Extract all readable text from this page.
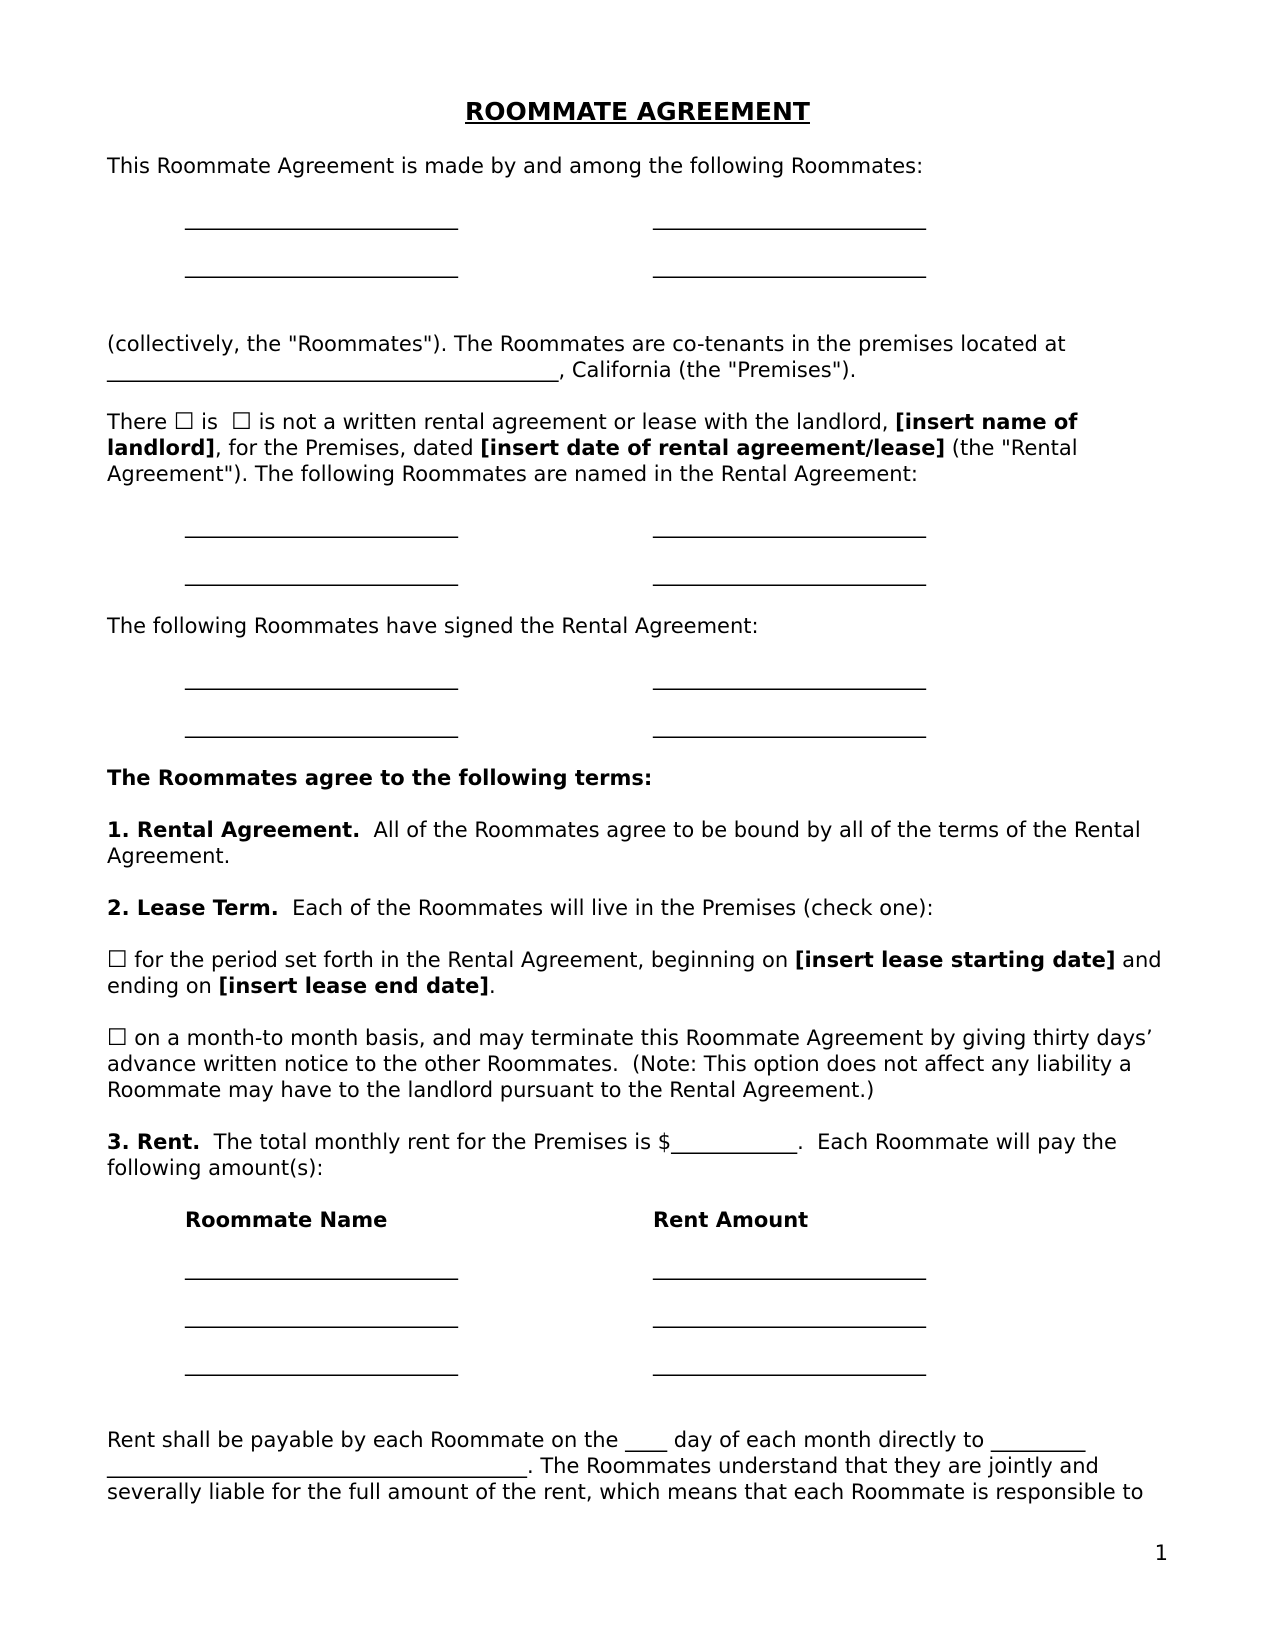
ROOMMATE AGREEMENT

This Roommate Agreement is made by and among the following Roommates:

__________________________	__________________________
__________________________	__________________________

(collectively, the "Roommates"). The Roommates are co-tenants in the premises located at ___________________________________________, California (the "Premises").

There ☐ is  ☐ is not a written rental agreement or lease with the landlord, [insert name of landlord], for the Premises, dated [insert date of rental agreement/lease] (the "Rental Agreement"). The following Roommates are named in the Rental Agreement:

__________________________	__________________________
__________________________	__________________________

The following Roommates have signed the Rental Agreement:

__________________________	__________________________
__________________________	__________________________

The Roommates agree to the following terms:

1. Rental Agreement.  All of the Roommates agree to be bound by all of the terms of the Rental Agreement.

2. Lease Term.  Each of the Roommates will live in the Premises (check one):

☐ for the period set forth in the Rental Agreement, beginning on [insert lease starting date] and ending on [insert lease end date].

☐ on a month-to month basis, and may terminate this Roommate Agreement by giving thirty days’ advance written notice to the other Roommates.  (Note: This option does not affect any liability a Roommate may have to the landlord pursuant to the Rental Agreement.)

3. Rent.  The total monthly rent for the Premises is $____________.  Each Roommate will pay the following amount(s):

Roommate Name	Rent Amount
__________________________	__________________________
__________________________	__________________________
__________________________	__________________________

Rent shall be payable by each Roommate on the ____ day of each month directly to _________ ________________________________________. The Roommates understand that they are jointly and severally liable for the full amount of the rent, which means that each Roommate is responsible to

1
